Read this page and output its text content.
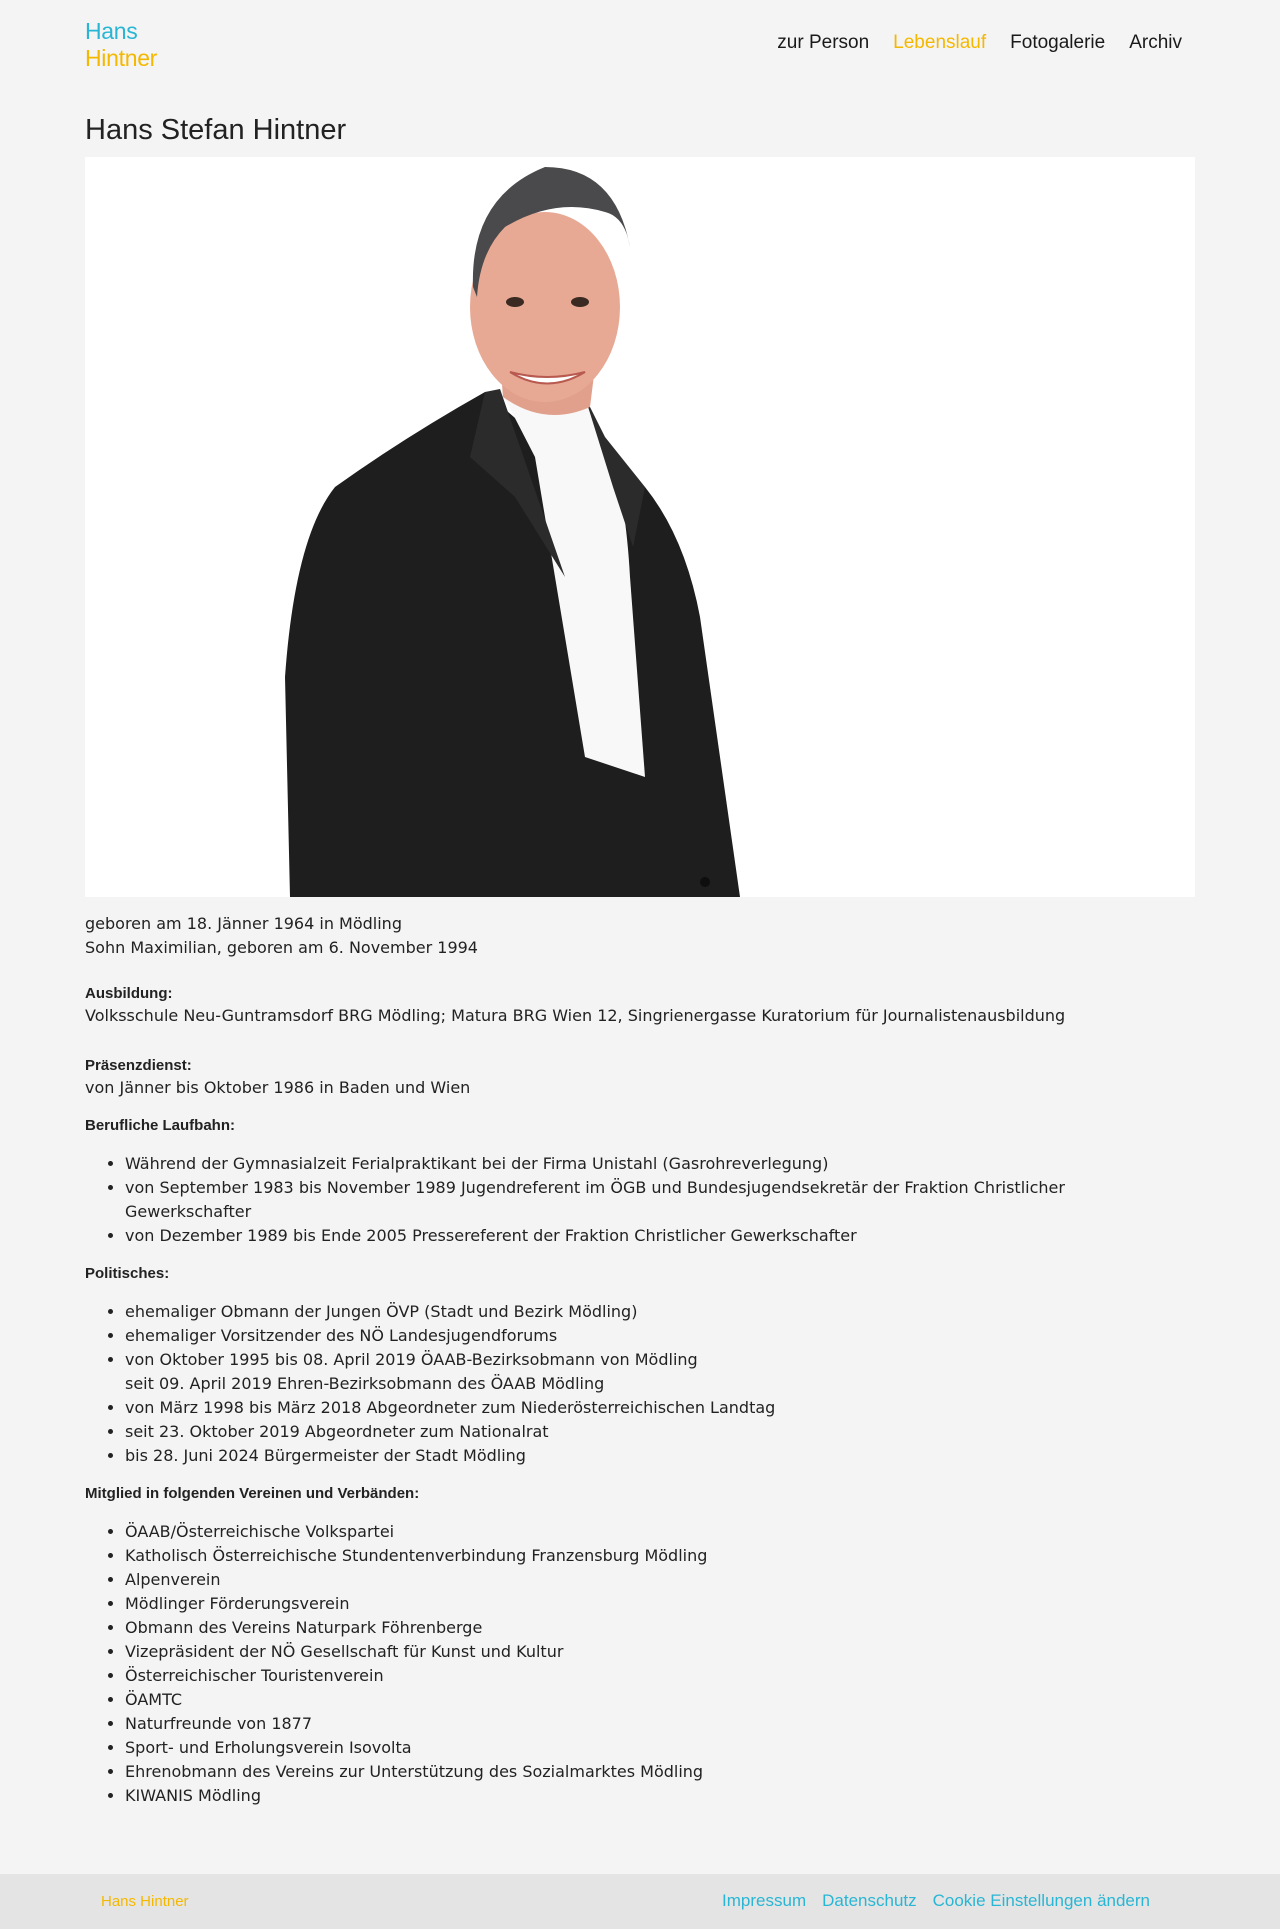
Hans
Hintner
zur Person Lebenslauf Fotogalerie Archiv
Hans Stefan Hintner

geboren am 18. Jänner 1964 in Mödling

Sohn Maximilian, geboren am 6. November 1994

Ausbildung:

Volksschule Neu-Guntramsdorf BRG Mödling; Matura BRG Wien 12, Singrienergasse Kuratorium für Journalistenausbildung

Präsenzdienst:

von Jänner bis Oktober 1986 in Baden und Wien

Berufliche Laufbahn:

• Während der Gymnasialzeit Ferialpraktikant bei der Firma Unistahl (Gasrohreverlegung)
• von September 1983 bis November 1989 Jugendreferent im ÖGB und Bundesjugendsekretär der Fraktion Christlicher Gewerkschafter
• von Dezember 1989 bis Ende 2005 Pressereferent der Fraktion Christlicher Gewerkschafter

Politisches:

• ehemaliger Obmann der Jungen ÖVP (Stadt und Bezirk Mödling)
• ehemaliger Vorsitzender des NÖ Landesjugendforums
• von Oktober 1995 bis 08. April 2019 ÖAAB-Bezirksobmann von Mödling
seit 09. April 2019 Ehren-Bezirksobmann des ÖAAB Mödling
• von März 1998 bis März 2018 Abgeordneter zum Niederösterreichischen Landtag
• seit 23. Oktober 2019 Abgeordneter zum Nationalrat
• bis 28. Juni 2024 Bürgermeister der Stadt Mödling

Mitglied in folgenden Vereinen und Verbänden:

• ÖAAB/Österreichische Volkspartei
• Katholisch Österreichische Stundentenverbindung Franzensburg Mödling
• Alpenverein
• Mödlinger Förderungsverein
• Obmann des Vereins Naturpark Föhrenberge
• Vizepräsident der NÖ Gesellschaft für Kunst und Kultur
• Österreichischer Touristenverein
• ÖAMTC
• Naturfreunde von 1877
• Sport- und Erholungsverein Isovolta
• Ehrenobmann des Vereins zur Unterstützung des Sozialmarktes Mödling
• KIWANIS Mödling
Hans Hintner	Impressum Datenschutz Cookie Einstellungen ändern
